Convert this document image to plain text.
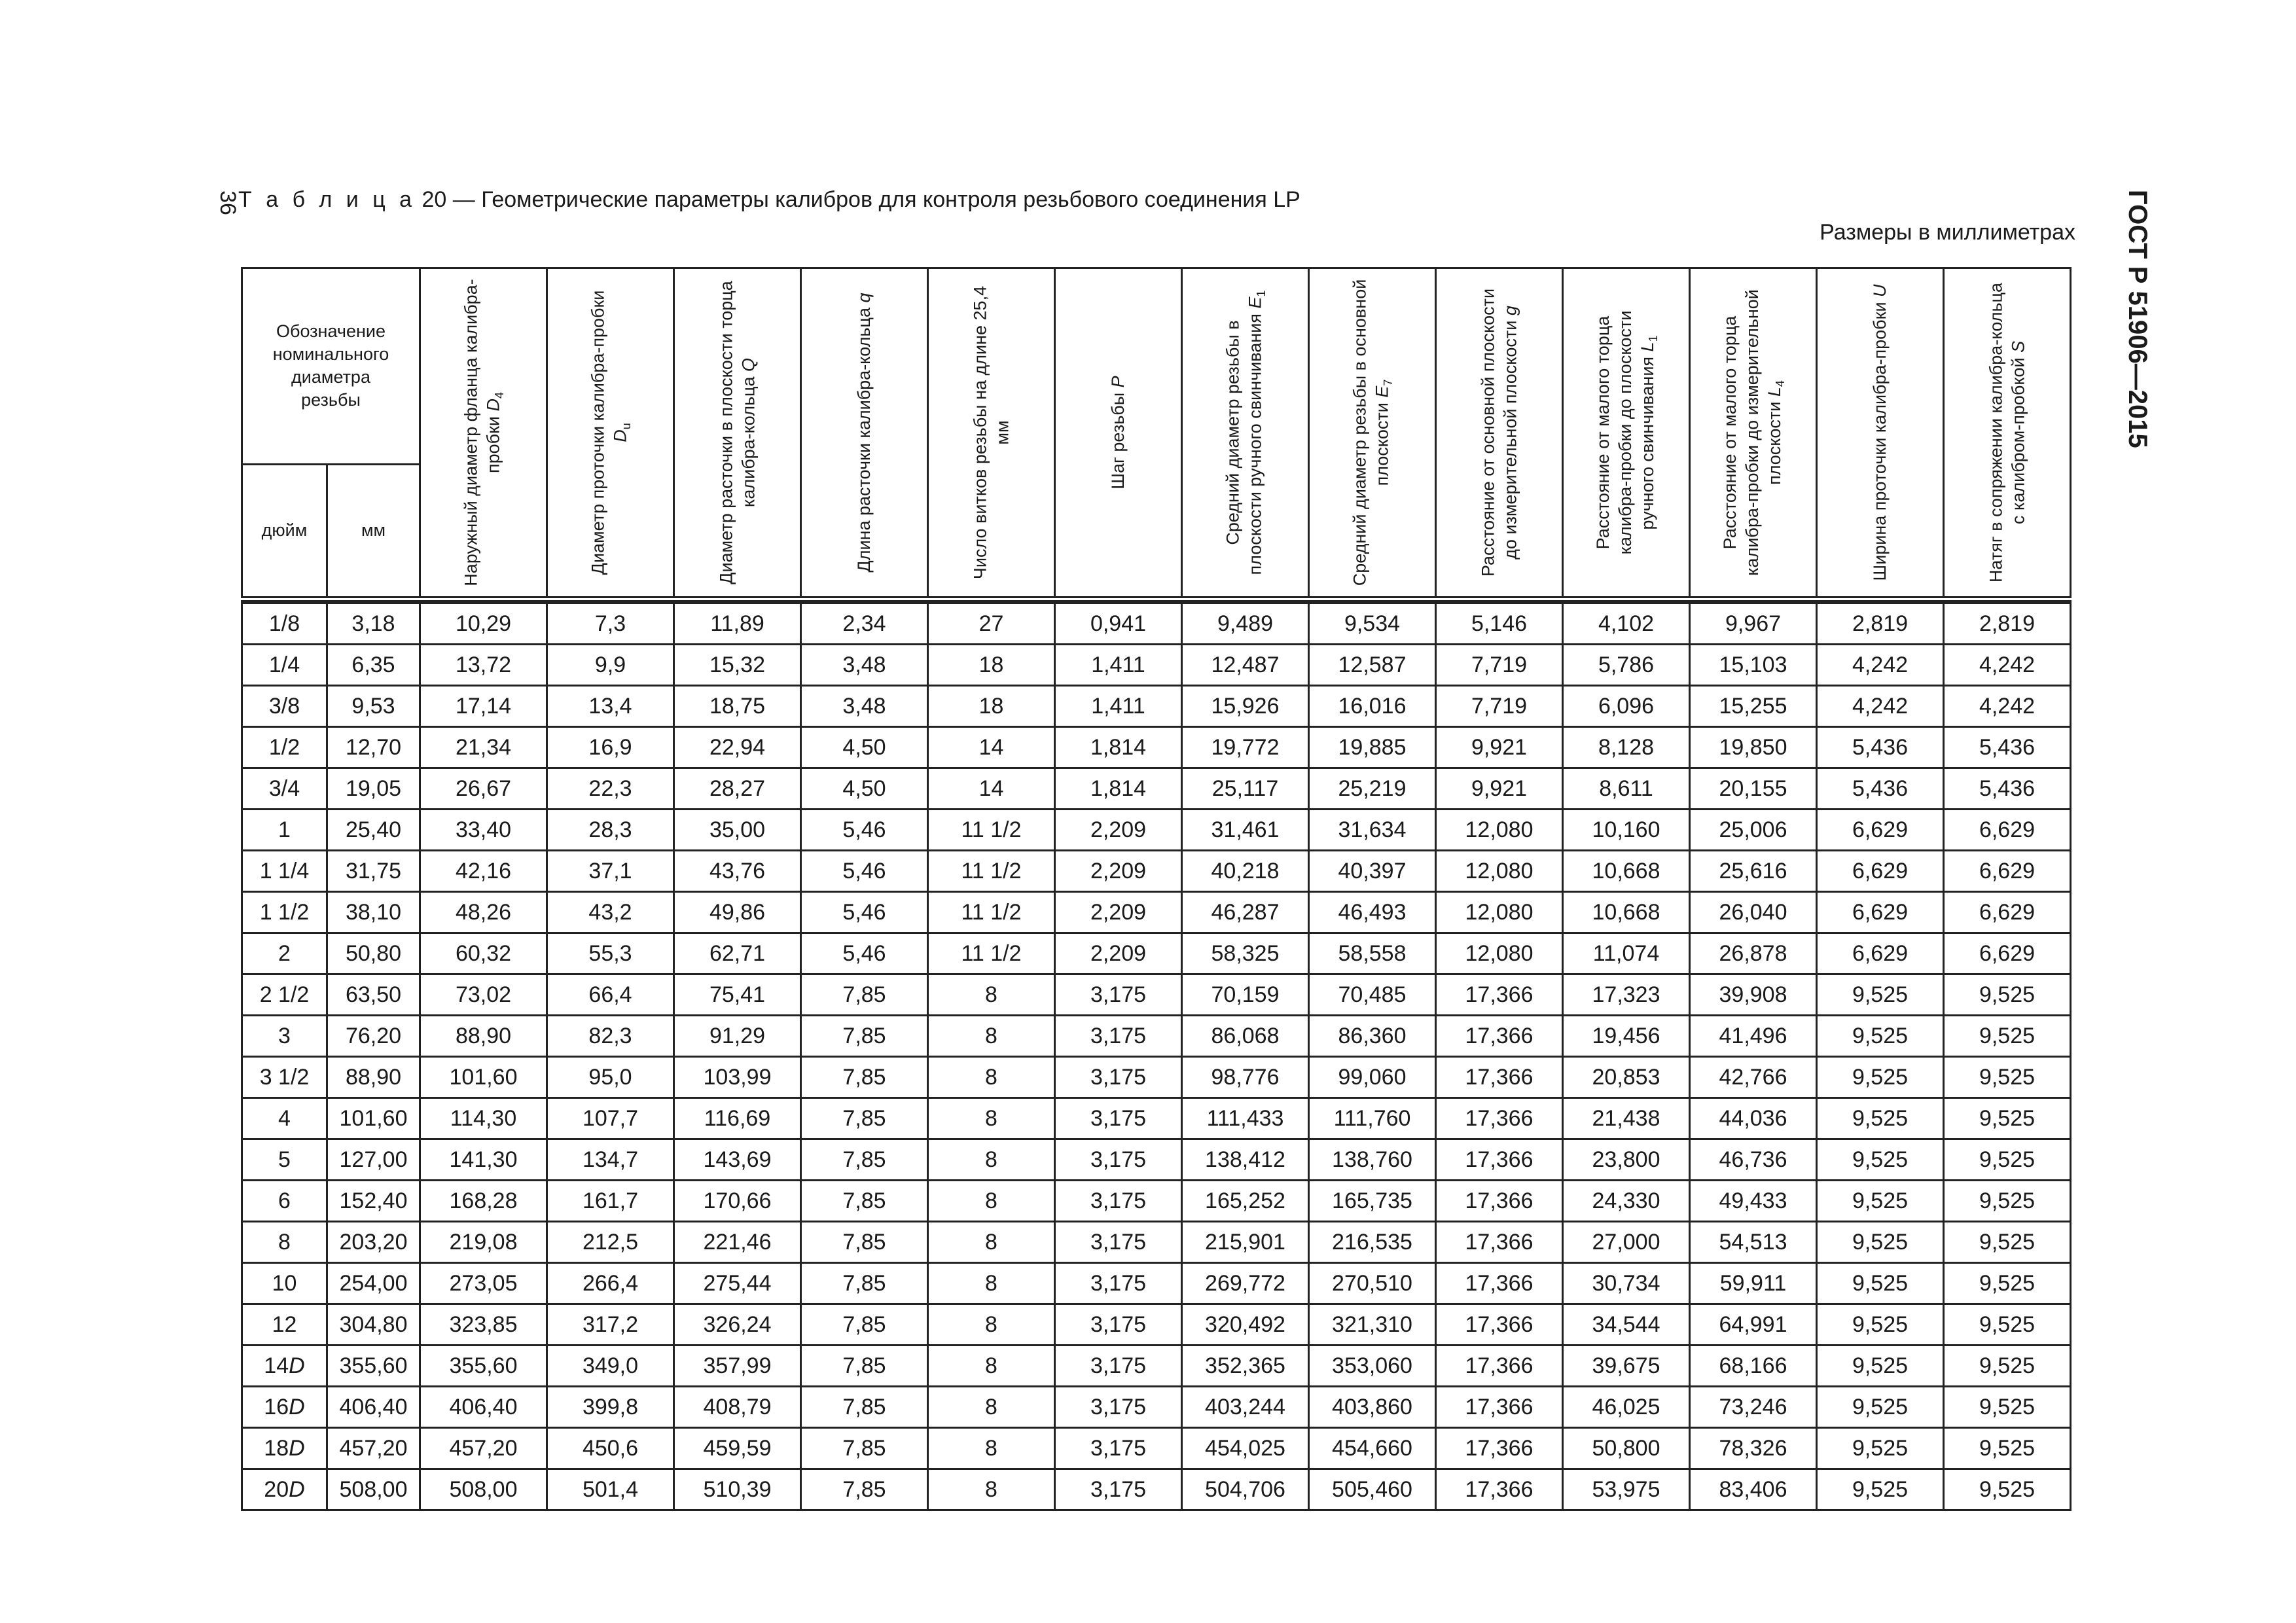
36
Т а б л и ц а 20 — Геометрические параметры калибров для контроля резьбового соединения LP
Размеры в миллиметрах	ГОСТ Р 51906—2015
Обозначение номинального диаметра резьбы		Наружный диаметр фланца калибра-пробки $D_4$	Диаметр проточки калибра-пробки $D_u$	Диаметр расточки в плоскости торца калибра-кольца Q	Длина расточки калибра-кольца q	Число витков резьбы на длине 25,4 мм	Шаг резьбы P	Средний диаметр резьбы в плоскости ручного свинчивания $E_1$	Средний диаметр резьбы в основной плоскости $E_7$	Расстояние от основной плоскости до измерительной плоскости g	Расстояние от малого торца калибра-пробки до плоскости ручного свинчивания $L_1$	Расстояние от малого торца калибра-пробки до измерительной плоскости $L_4$	Ширина проточки калибра-пробки U	Натяг в сопряжении калибра-кольца с калибром-пробкой S

дюйм	мм													

1/8	3,18	10,29	7,3	11,89	2,34	27	0,941	9,489	9,534	5,146	4,102	9,967	2,819	2,819
1/4	6,35	13,72	9,9	15,32	3,48	18	1,411	12,487	12,587	7,719	5,786	15,103	4,242	4,242
3/8	9,53	17,14	13,4	18,75	3,48	18	1,411	15,926	16,016	7,719	6,096	15,255	4,242	4,242
1/2	12,70	21,34	16,9	22,94	4,50	14	1,814	19,772	19,885	9,921	8,128	19,850	5,436	5,436
3/4	19,05	26,67	22,3	28,27	4,50	14	1,814	25,117	25,219	9,921	8,611	20,155	5,436	5,436
1	25,40	33,40	28,3	35,00	5,46	11 1/2	2,209	31,461	31,634	12,080	10,160	25,006	6,629	6,629
1 1/4	31,75	42,16	37,1	43,76	5,46	11 1/2	2,209	40,218	40,397	12,080	10,668	25,616	6,629	6,629
1 1/2	38,10	48,26	43,2	49,86	5,46	11 1/2	2,209	46,287	46,493	12,080	10,668	26,040	6,629	6,629
2	50,80	60,32	55,3	62,71	5,46	11 1/2	2,209	58,325	58,558	12,080	11,074	26,878	6,629	6,629
2 1/2	63,50	73,02	66,4	75,41	7,85	8	3,175	70,159	70,485	17,366	17,323	39,908	9,525	9,525
3	76,20	88,90	82,3	91,29	7,85	8	3,175	86,068	86,360	17,366	19,456	41,496	9,525	9,525
3 1/2	88,90	101,60	95,0	103,99	7,85	8	3,175	98,776	99,060	17,366	20,853	42,766	9,525	9,525
4	101,60	114,30	107,7	116,69	7,85	8	3,175	111,433	111,760	17,366	21,438	44,036	9,525	9,525
5	127,00	141,30	134,7	143,69	7,85	8	3,175	138,412	138,760	17,366	23,800	46,736	9,525	9,525
6	152,40	168,28	161,7	170,66	7,85	8	3,175	165,252	165,735	17,366	24,330	49,433	9,525	9,525
8	203,20	219,08	212,5	221,46	7,85	8	3,175	215,901	216,535	17,366	27,000	54,513	9,525	9,525
10	254,00	273,05	266,4	275,44	7,85	8	3,175	269,772	270,510	17,366	30,734	59,911	9,525	9,525
12	304,80	323,85	317,2	326,24	7,85	8	3,175	320,492	321,310	17,366	34,544	64,991	9,525	9,525
14D	355,60	355,60	349,0	357,99	7,85	8	3,175	352,365	353,060	17,366	39,675	68,166	9,525	9,525
16D	406,40	406,40	399,8	408,79	7,85	8	3,175	403,244	403,860	17,366	46,025	73,246	9,525	9,525
18D	457,20	457,20	450,6	459,59	7,85	8	3,175	454,025	454,660	17,366	50,800	78,326	9,525	9,525
20D	508,00	508,00	501,4	510,39	7,85	8	3,175	504,706	505,460	17,366	53,975	83,406	9,525	9,525
